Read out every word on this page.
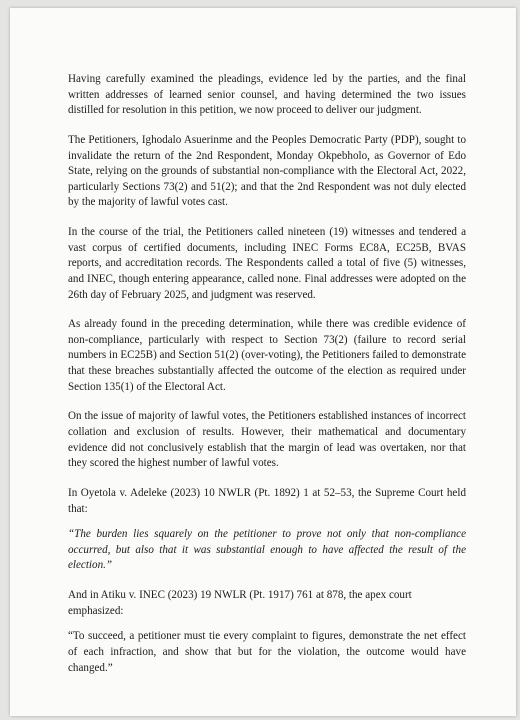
Having carefully examined the pleadings, evidence led by the parties, and the final written addresses of learned senior counsel, and having determined the two issues distilled for resolution in this petition, we now proceed to deliver our judgment.

The Petitioners, Ighodalo Asuerinme and the Peoples Democratic Party (PDP), sought to invalidate the return of the 2nd Respondent, Monday Okpebholo, as Governor of Edo State, relying on the grounds of substantial non-compliance with the Electoral Act, 2022, particularly Sections 73(2) and 51(2); and that the 2nd Respondent was not duly elected by the majority of lawful votes cast.

In the course of the trial, the Petitioners called nineteen (19) witnesses and tendered a vast corpus of certified documents, including INEC Forms EC8A, EC25B, BVAS reports, and accreditation records. The Respondents called a total of five (5) witnesses, and INEC, though entering appearance, called none. Final addresses were adopted on the 26th day of February 2025, and judgment was reserved.

As already found in the preceding determination, while there was credible evidence of non-compliance, particularly with respect to Section 73(2) (failure to record serial numbers in EC25B) and Section 51(2) (over-voting), the Petitioners failed to demonstrate that these breaches substantially affected the outcome of the election as required under Section 135(1) of the Electoral Act.

On the issue of majority of lawful votes, the Petitioners established instances of incorrect collation and exclusion of results. However, their mathematical and documentary evidence did not conclusively establish that the margin of lead was overtaken, nor that they scored the highest number of lawful votes.

In Oyetola v. Adeleke (2023) 10 NWLR (Pt. 1892) 1 at 52–53, the Supreme Court held that:

“The burden lies squarely on the petitioner to prove not only that non-compliance occurred, but also that it was substantial enough to have affected the result of the election.”

And in Atiku v. INEC (2023) 19 NWLR (Pt. 1917) 761 at 878, the apex court emphasized:

“To succeed, a petitioner must tie every complaint to figures, demonstrate the net effect of each infraction, and show that but for the violation, the outcome would have changed.”
